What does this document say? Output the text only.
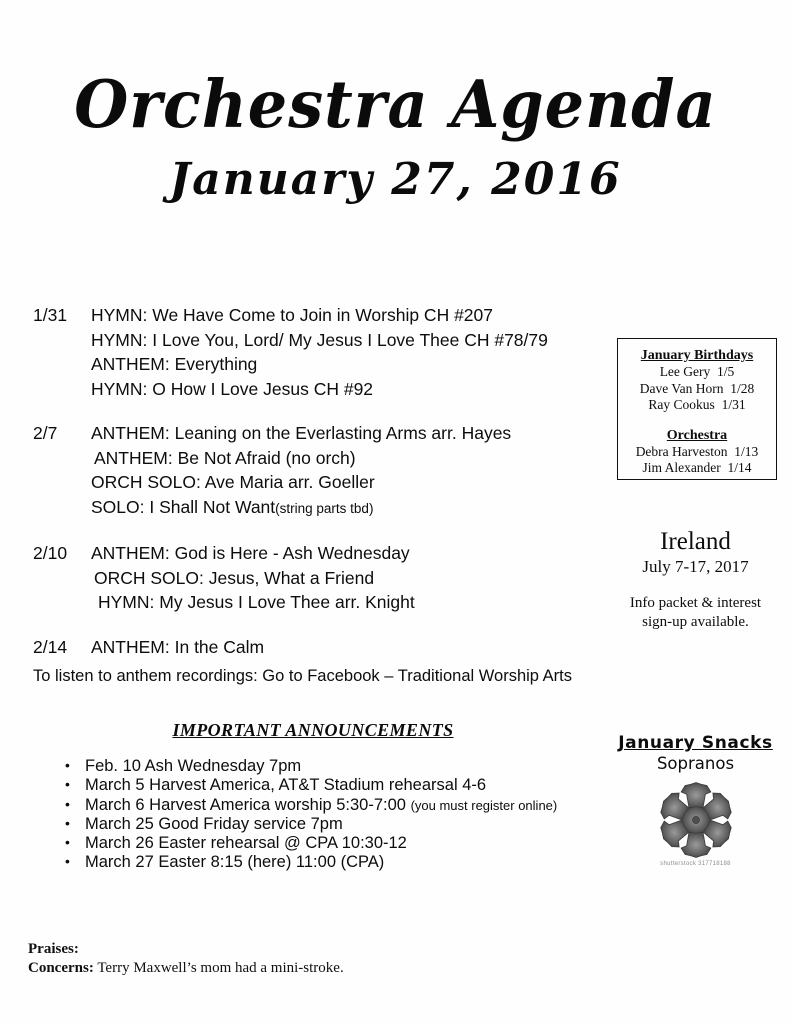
Orchestra Agenda
January 27, 2016
1/31 HYMN: We Have Come to Join in Worship CH #207
HYMN: I Love You, Lord/ My Jesus I Love Thee CH #78/79
ANTHEM: Everything
HYMN: O How I Love Jesus CH #92
2/7 ANTHEM: Leaning on the Everlasting Arms arr. Hayes
ANTHEM: Be Not Afraid (no orch)
ORCH SOLO: Ave Maria arr. Goeller
SOLO: I Shall Not Want(string parts tbd)
2/10 ANTHEM: God is Here - Ash Wednesday
ORCH SOLO: Jesus, What a Friend
HYMN: My Jesus I Love Thee arr. Knight
2/14 ANTHEM: In the Calm
To listen to anthem recordings: Go to Facebook – Traditional Worship Arts
IMPORTANT ANNOUNCEMENTS
• Feb. 10 Ash Wednesday 7pm
• March 5 Harvest America, AT&T Stadium rehearsal 4-6
• March 6 Harvest America worship 5:30-7:00 (you must register online)
• March 25 Good Friday service 7pm
• March 26 Easter rehearsal @ CPA 10:30-12
• March 27 Easter 8:15 (here) 11:00 (CPA)
January Birthdays
Lee Gery 1/5
Dave Van Horn 1/28
Ray Cookus 1/31
Orchestra
Debra Harveston 1/13
Jim Alexander 1/14
Ireland
July 7-17, 2017
Info packet & interest
sign-up available.
January Snacks
Sopranos
shutterstock 317718188
Praises:
Concerns: Terry Maxwell’s mom had a mini-stroke.
